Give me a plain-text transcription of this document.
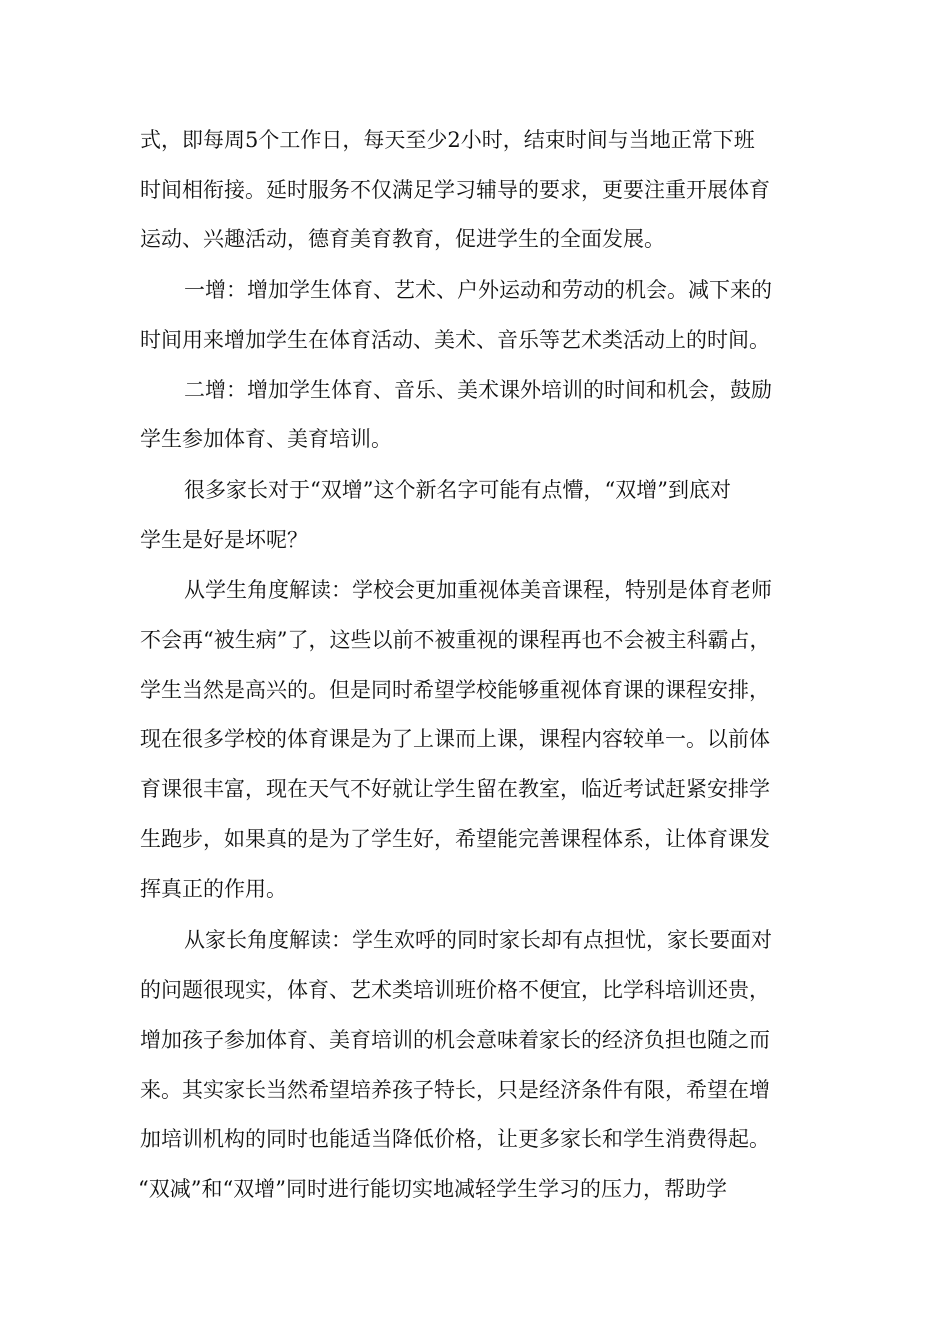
式，即每周5个工作日，每天至少2小时，结束时间与当地正常下班
时间相衔接。延时服务不仅满足学习辅导的要求，更要注重开展体育
运动、兴趣活动，德育美育教育，促进学生的全面发展。
一增：增加学生体育、艺术、户外运动和劳动的机会。减下来的
时间用来增加学生在体育活动、美术、音乐等艺术类活动上的时间。
二增：增加学生体育、音乐、美术课外培训的时间和机会，鼓励
学生参加体育、美育培训。
很多家长对于“双增”这个新名字可能有点懵，“双增”到底对
学生是好是坏呢？
从学生角度解读：学校会更加重视体美音课程，特别是体育老师
不会再“被生病”了，这些以前不被重视的课程再也不会被主科霸占，
学生当然是高兴的。但是同时希望学校能够重视体育课的课程安排，
现在很多学校的体育课是为了上课而上课，课程内容较单一。以前体
育课很丰富，现在天气不好就让学生留在教室，临近考试赶紧安排学
生跑步，如果真的是为了学生好，希望能完善课程体系，让体育课发
挥真正的作用。
从家长角度解读：学生欢呼的同时家长却有点担忧，家长要面对
的问题很现实，体育、艺术类培训班价格不便宜，比学科培训还贵，
增加孩子参加体育、美育培训的机会意味着家长的经济负担也随之而
来。其实家长当然希望培养孩子特长，只是经济条件有限，希望在增
加培训机构的同时也能适当降低价格，让更多家长和学生消费得起。
“双减”和“双增”同时进行能切实地减轻学生学习的压力，帮助学
